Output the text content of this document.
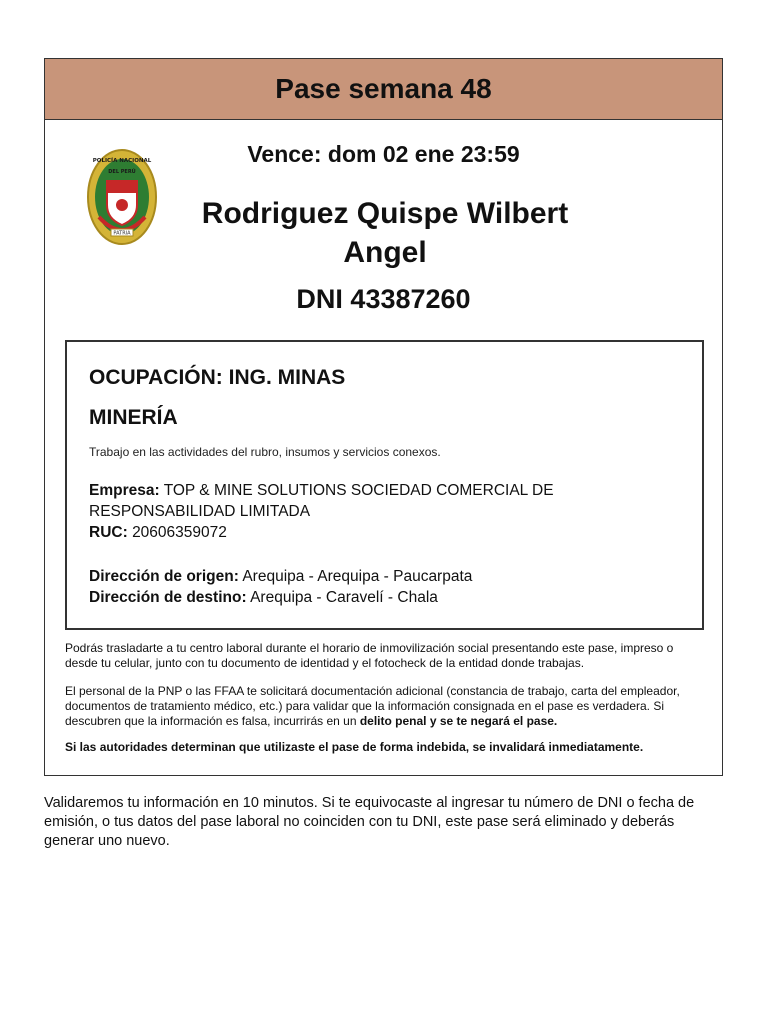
Pase semana 48
PATRIA
POLICÍA NACIONAL
DEL PERÚ
Vence: dom 02 ene 23:59
Rodriguez Quispe Wilbert Angel
DNI 43387260
OCUPACIÓN: ING. MINAS
MINERÍA
Trabajo en las actividades del rubro, insumos y servicios conexos.
Empresa: TOP & MINE SOLUTIONS SOCIEDAD COMERCIAL DE RESPONSABILIDAD LIMITADA
RUC: 20606359072
Dirección de origen: Arequipa - Arequipa - Paucarpata
Dirección de destino: Arequipa - Caravelí - Chala
Podrás trasladarte a tu centro laboral durante el horario de inmovilización social presentando este pase, impreso o desde tu celular, junto con tu documento de identidad y el fotocheck de la entidad donde trabajas.
El personal de la PNP o las FFAA te solicitará documentación adicional (constancia de trabajo, carta del empleador, documentos de tratamiento médico, etc.) para validar que la información consignada en el pase es verdadera. Si descubren que la información es falsa, incurrirás en un delito penal y se te negará el pase.
Si las autoridades determinan que utilizaste el pase de forma indebida, se invalidará inmediatamente.
Validaremos tu información en 10 minutos. Si te equivocaste al ingresar tu número de DNI o fecha de emisión, o tus datos del pase laboral no coinciden con tu DNI, este pase será eliminado y deberás generar uno nuevo.
